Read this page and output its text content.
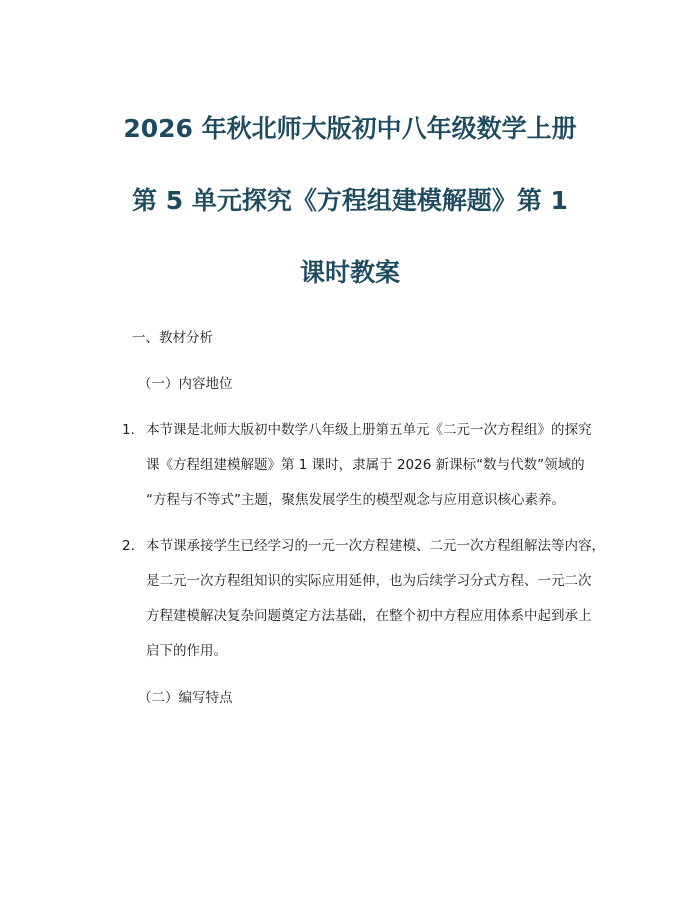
2026 年秋北师大版初中八年级数学上册
第 5 单元探究《方程组建模解题》第 1
课时教案
一、教材分析
（一）内容地位
1. 本节课是北师大版初中数学八年级上册第五单元《二元一次方程组》的探究
课《方程组建模解题》第 1 课时，隶属于 2026 新课标“数与代数”领域的
“方程与不等式”主题，聚焦发展学生的模型观念与应用意识核心素养。
2. 本节课承接学生已经学习的一元一次方程建模、二元一次方程组解法等内容，
是二元一次方程组知识的实际应用延伸，也为后续学习分式方程、一元二次
方程建模解决复杂问题奠定方法基础，在整个初中方程应用体系中起到承上
启下的作用。
（二）编写特点
